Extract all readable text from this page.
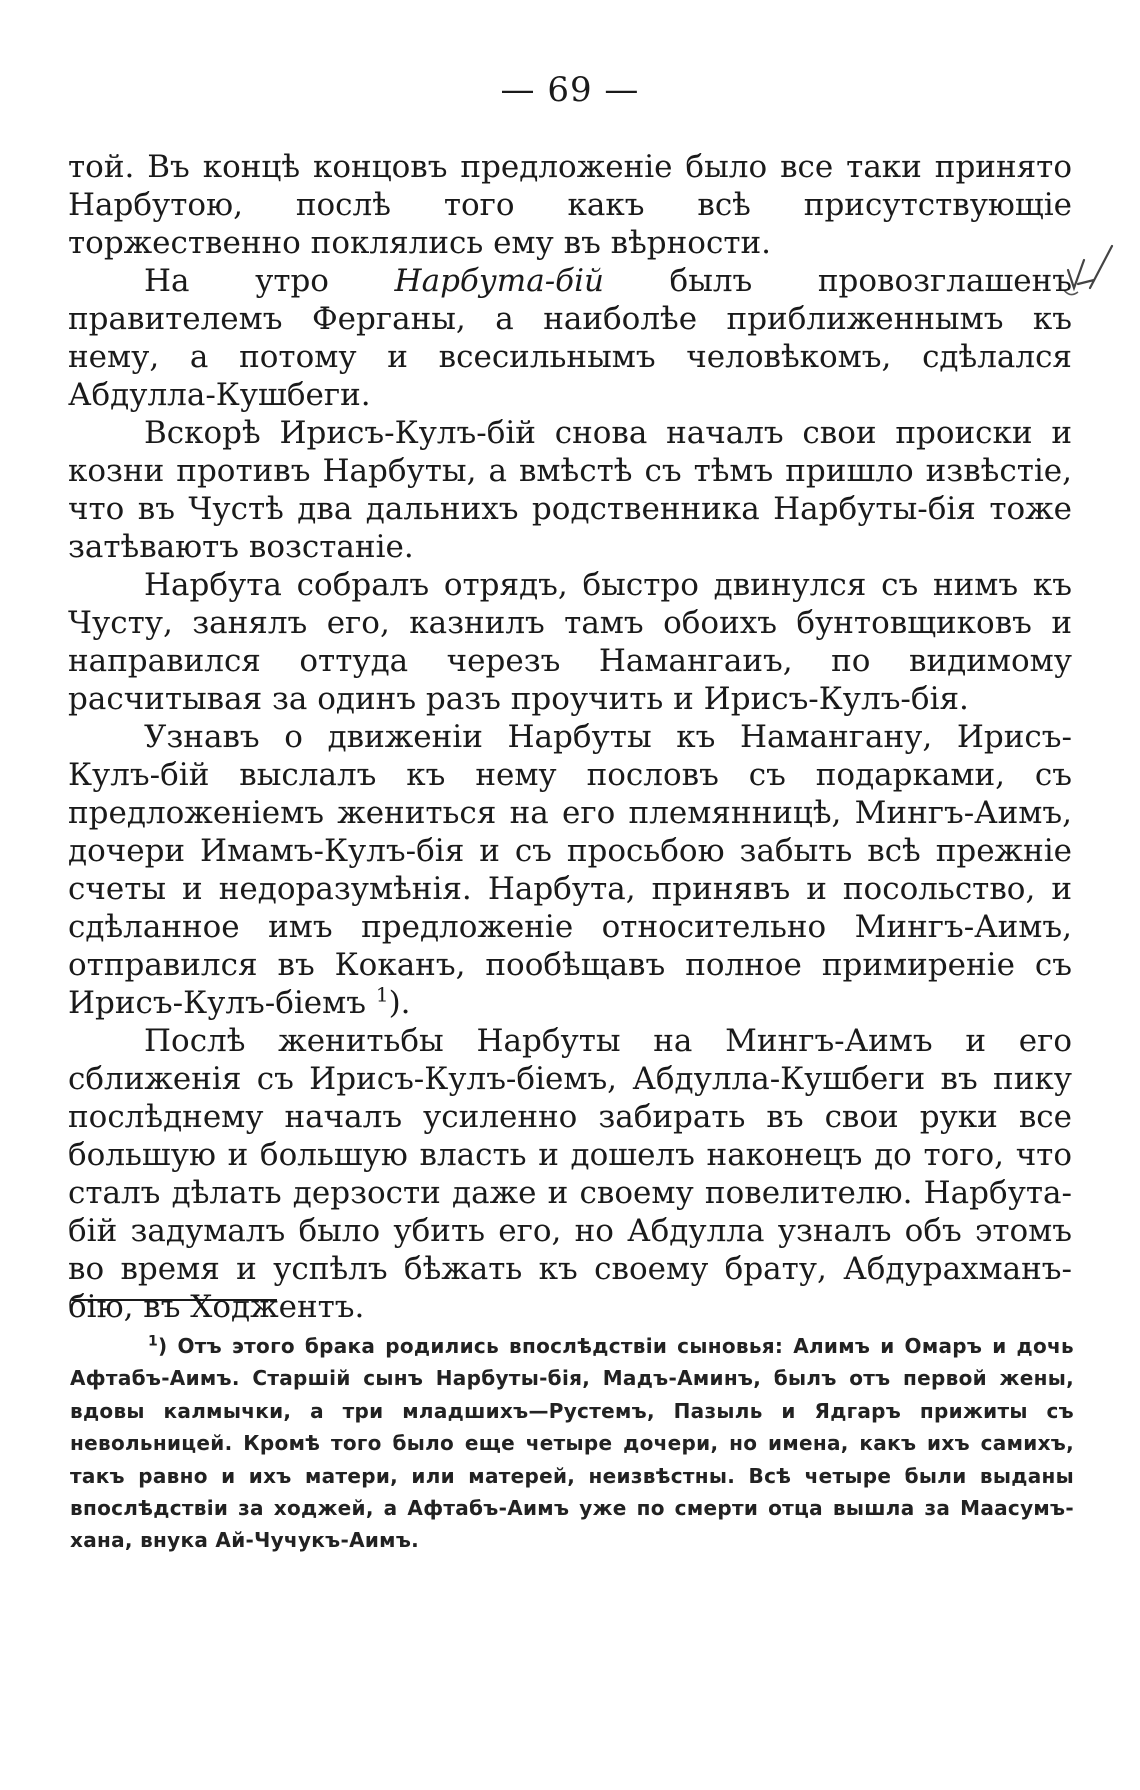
— 69 —

той. Въ концѣ концовъ предложеніе было все таки принято Нарбутою, послѣ того какъ всѣ присутствующіе торжественно поклялись ему въ вѣрности.

На утро Нарбута-бій былъ провозглашенъ правителемъ Ферганы, а наиболѣе приближеннымъ къ нему, а потому и всесильнымъ человѣкомъ, сдѣлался Абдулла-Кушбеги.

Вскорѣ Ирисъ-Кулъ-бій снова началъ свои происки и козни противъ Нарбуты, а вмѣстѣ съ тѣмъ пришло извѣстіе, что въ Чустѣ два дальнихъ родственника Нарбуты-бія тоже затѣваютъ возстаніе.

Нарбута собралъ отрядъ, быстро двинулся съ нимъ къ Чусту, занялъ его, казнилъ тамъ обоихъ бунтовщиковъ и направился оттуда черезъ Намангаиъ, по видимому расчитывая за одинъ разъ проучить и Ирисъ-Кулъ-бія.

Узнавъ о движеніи Нарбуты къ Намангану, Ирисъ-Кулъ-бій выслалъ къ нему пословъ съ подарками, съ предложеніемъ жениться на его племянницѣ, Мингъ-Аимъ, дочери Имамъ-Кулъ-бія и съ просьбою забыть всѣ прежніе счеты и недоразумѣнія. Нарбута, принявъ и посольство, и сдѣланное имъ предложеніе относительно Мингъ-Аимъ, отправился въ Коканъ, пообѣщавъ полное примиреніе съ Ирисъ-Кулъ-біемъ $^1$).

Послѣ женитьбы Нарбуты на Мингъ-Аимъ и его сближенія съ Ирисъ-Кулъ-біемъ, Абдулла-Кушбеги въ пику послѣднему началъ усиленно забирать въ свои руки все большую и большую власть и дошелъ наконецъ до того, что сталъ дѣлать дерзости даже и своему повелителю. Нарбута-бій задумалъ было убить его, но Абдулла узналъ объ этомъ во время и успѣлъ бѣжать къ своему брату, Абдурахманъ-бію, въ Ходжентъ.

$^1$) Отъ этого брака родились впослѣдствіи сыновья: Алимъ и Омаръ и дочь Афтабъ-Аимъ. Старшій сынъ Нарбуты-бія, Мадъ-Аминъ, былъ отъ первой жены, вдовы калмычки, а три младшихъ—Рустемъ, Пазыль и Ядгаръ прижиты съ невольницей. Кромѣ того было еще четыре дочери, но имена, какъ ихъ самихъ, такъ равно и ихъ матери, или матерей, неизвѣстны. Всѣ четыре были выданы впослѣдствіи за ходжей, а Афтабъ-Аимъ уже по смерти отца вышла за Маасумъ-хана, внука Ай-Чучукъ-Аимъ.
